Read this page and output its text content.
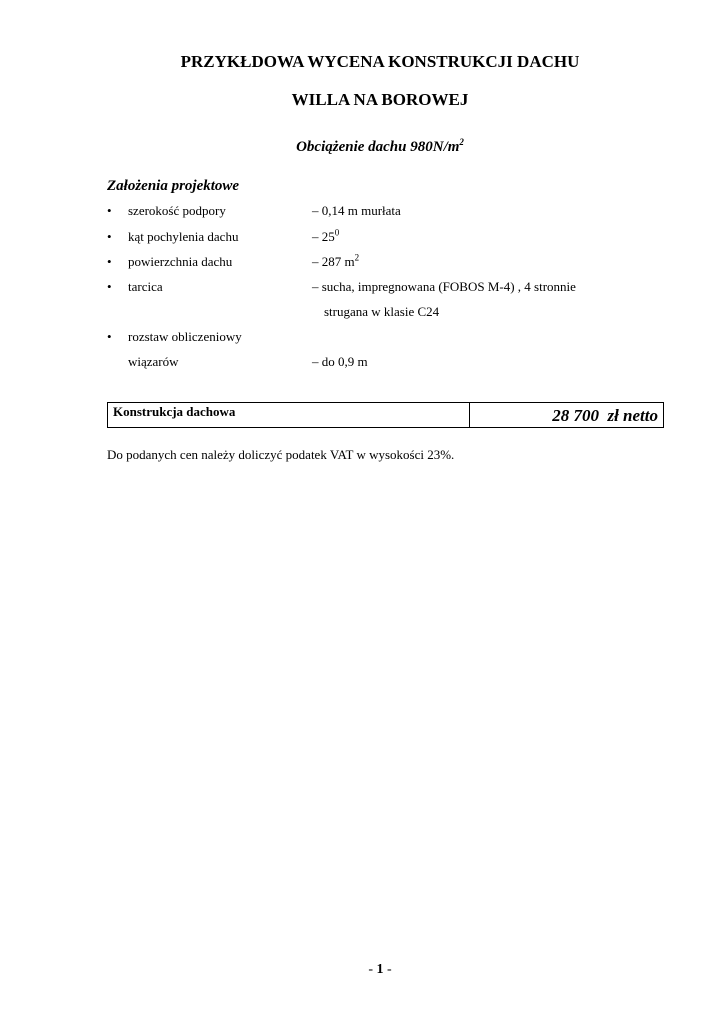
PRZYKŁDOWA WYCENA KONSTRUKCJI DACHU
WILLA NA BOROWEJ
Obciążenie dachu $980N/m^2$
Założenia projektowe
• szerokość podpory	– 0,14 m murłata
• kąt pochylenia dachu	– $25^0$
• powierzchnia dachu	– 287 $m^2$
• tarcica	– sucha, impregnowana (FOBOS M-4) , 4 stronnie
strugana w klasie C24
• rozstaw obliczeniowy
wiązarów	– do 0,9 m
Konstrukcja dachowa	28 700  zł netto
Do podanych cen należy doliczyć podatek VAT w wysokości 23%.
- 1 -
